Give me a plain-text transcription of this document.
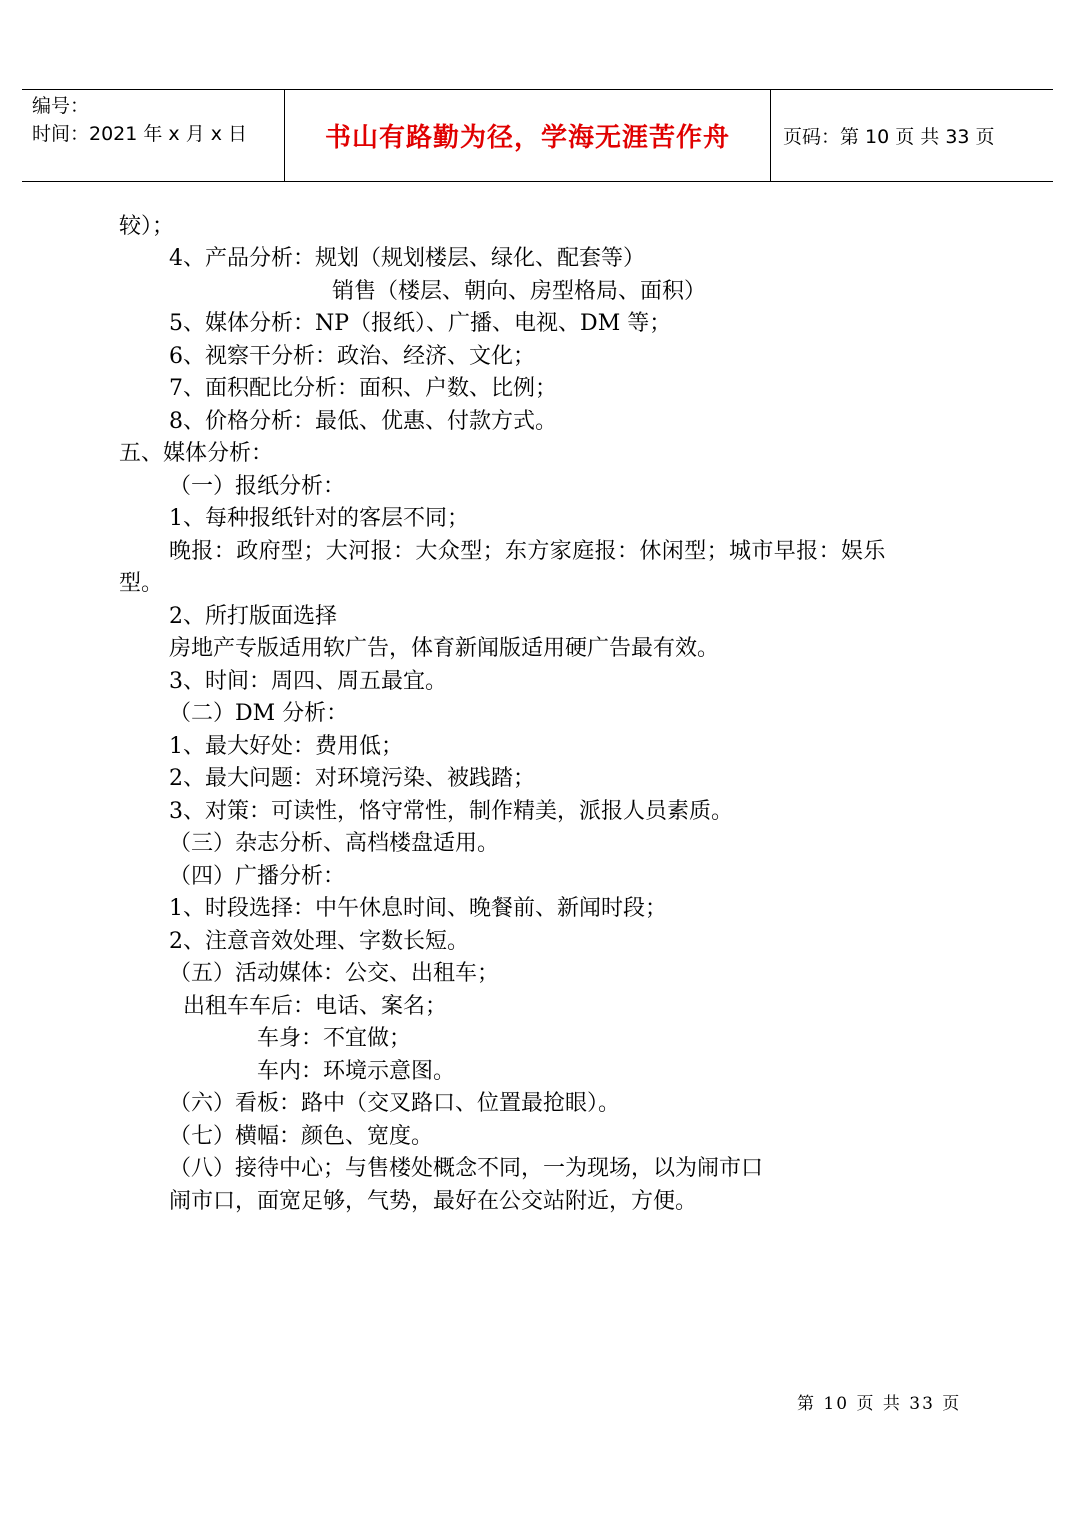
编号：
时间：2021 年 x 月 x 日	书山有路勤为径，学海无涯苦作舟	页码：第 10 页 共 33 页
较）；
4、产品分析：规划（规划楼层、绿化、配套等）
销售（楼层、朝向、房型格局、面积）
5、媒体分析：NP（报纸）、广播、电视、DM 等；
6、视察干分析：政治、经济、文化；
7、面积配比分析：面积、户数、比例；
8、价格分析：最低、优惠、付款方式。
五、媒体分析：
（一）报纸分析：
1、每种报纸针对的客层不同；
晚报：政府型；大河报：大众型；东方家庭报：休闲型；城市早报：娱乐
型。
2、所打版面选择
房地产专版适用软广告，体育新闻版适用硬广告最有效。
3、时间：周四、周五最宜。
（二）DM 分析：
1、最大好处：费用低；
2、最大问题：对环境污染、被践踏；
3、对策：可读性，恪守常性，制作精美，派报人员素质。
（三）杂志分析、高档楼盘适用。
（四）广播分析：
1、时段选择：中午休息时间、晚餐前、新闻时段；
2、注意音效处理、字数长短。
（五）活动媒体：公交、出租车；
出租车车后：电话、案名；
车身：不宜做；
车内：环境示意图。
（六）看板：路中（交叉路口、位置最抢眼）。
（七）横幅：颜色、宽度。
（八）接待中心；与售楼处概念不同，一为现场，以为闹市口
闹市口，面宽足够，气势，最好在公交站附近，方便。
第 10 页 共 33 页
